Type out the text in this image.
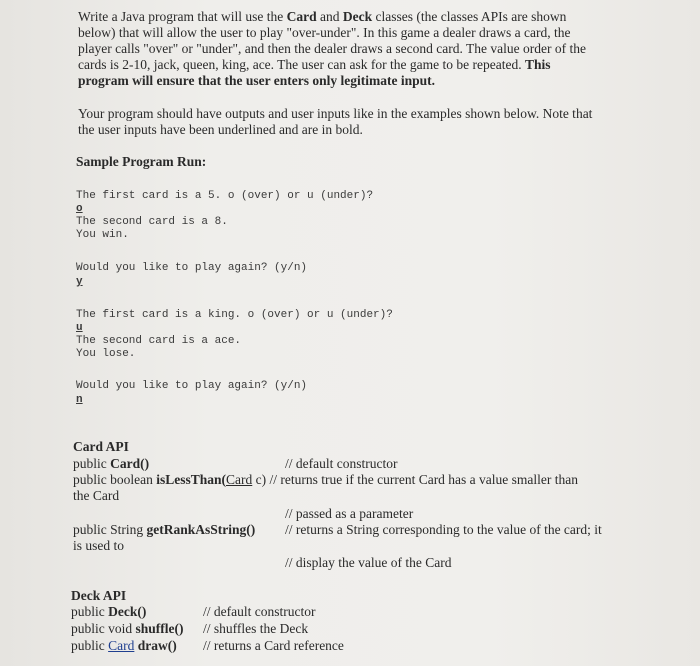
Write a Java program that will use the Card and Deck classes (the classes APIs are shown

below) that will allow the user to play "over-under". In this game a dealer draws a card, the

player calls "over" or "under", and then the dealer draws a second card. The value order of the

cards is 2-10, jack, queen, king, ace. The user can ask for the game to be repeated. This

program will ensure that the user enters only legitimate input.

Your program should have outputs and user inputs like in the examples shown below. Note that
the user inputs have been underlined and are in bold.
Sample Program Run:
The first card is a 5. o (over) or u (under)?
o
The second card is a 8.
You win.
Would you like to play again? (y/n)
y
The first card is a king. o (over) or u (under)?
u
The second card is a ace.
You lose.
Would you like to play again? (y/n)
n
Card API
public Card()	// default constructor
public boolean isLessThan(Card c) // returns true if the current Card has a value smaller than
the Card
// passed as a parameter
public String getRankAsString() // returns a String corresponding to the value of the card; it
is used to
// display the value of the Card
Deck API
public Deck()	// default constructor
public void shuffle() // shuffles the Deck
public Card draw() // returns a Card reference
